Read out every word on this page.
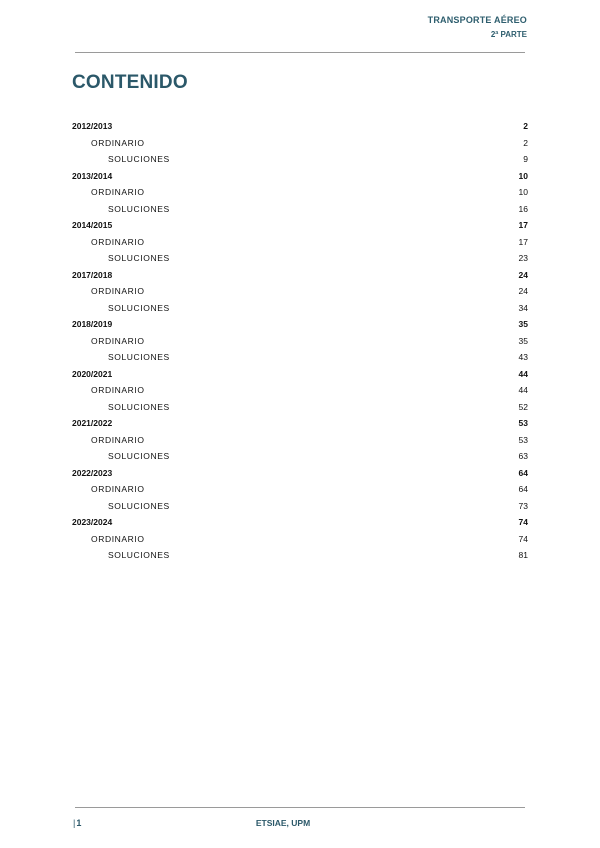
TRANSPORTE AÉREO
2ª PARTE
CONTENIDO
2012/2013	2
ORDINARIO	2
SOLUCIONES	9
2013/2014	10
ORDINARIO	10
SOLUCIONES	16
2014/2015	17
ORDINARIO	17
SOLUCIONES	23
2017/2018	24
ORDINARIO	24
SOLUCIONES	34
2018/2019	35
ORDINARIO	35
SOLUCIONES	43
2020/2021	44
ORDINARIO	44
SOLUCIONES	52
2021/2022	53
ORDINARIO	53
SOLUCIONES	63
2022/2023	64
ORDINARIO	64
SOLUCIONES	73
2023/2024	74
ORDINARIO	74
SOLUCIONES	81
|1	ETSIAE, UPM
